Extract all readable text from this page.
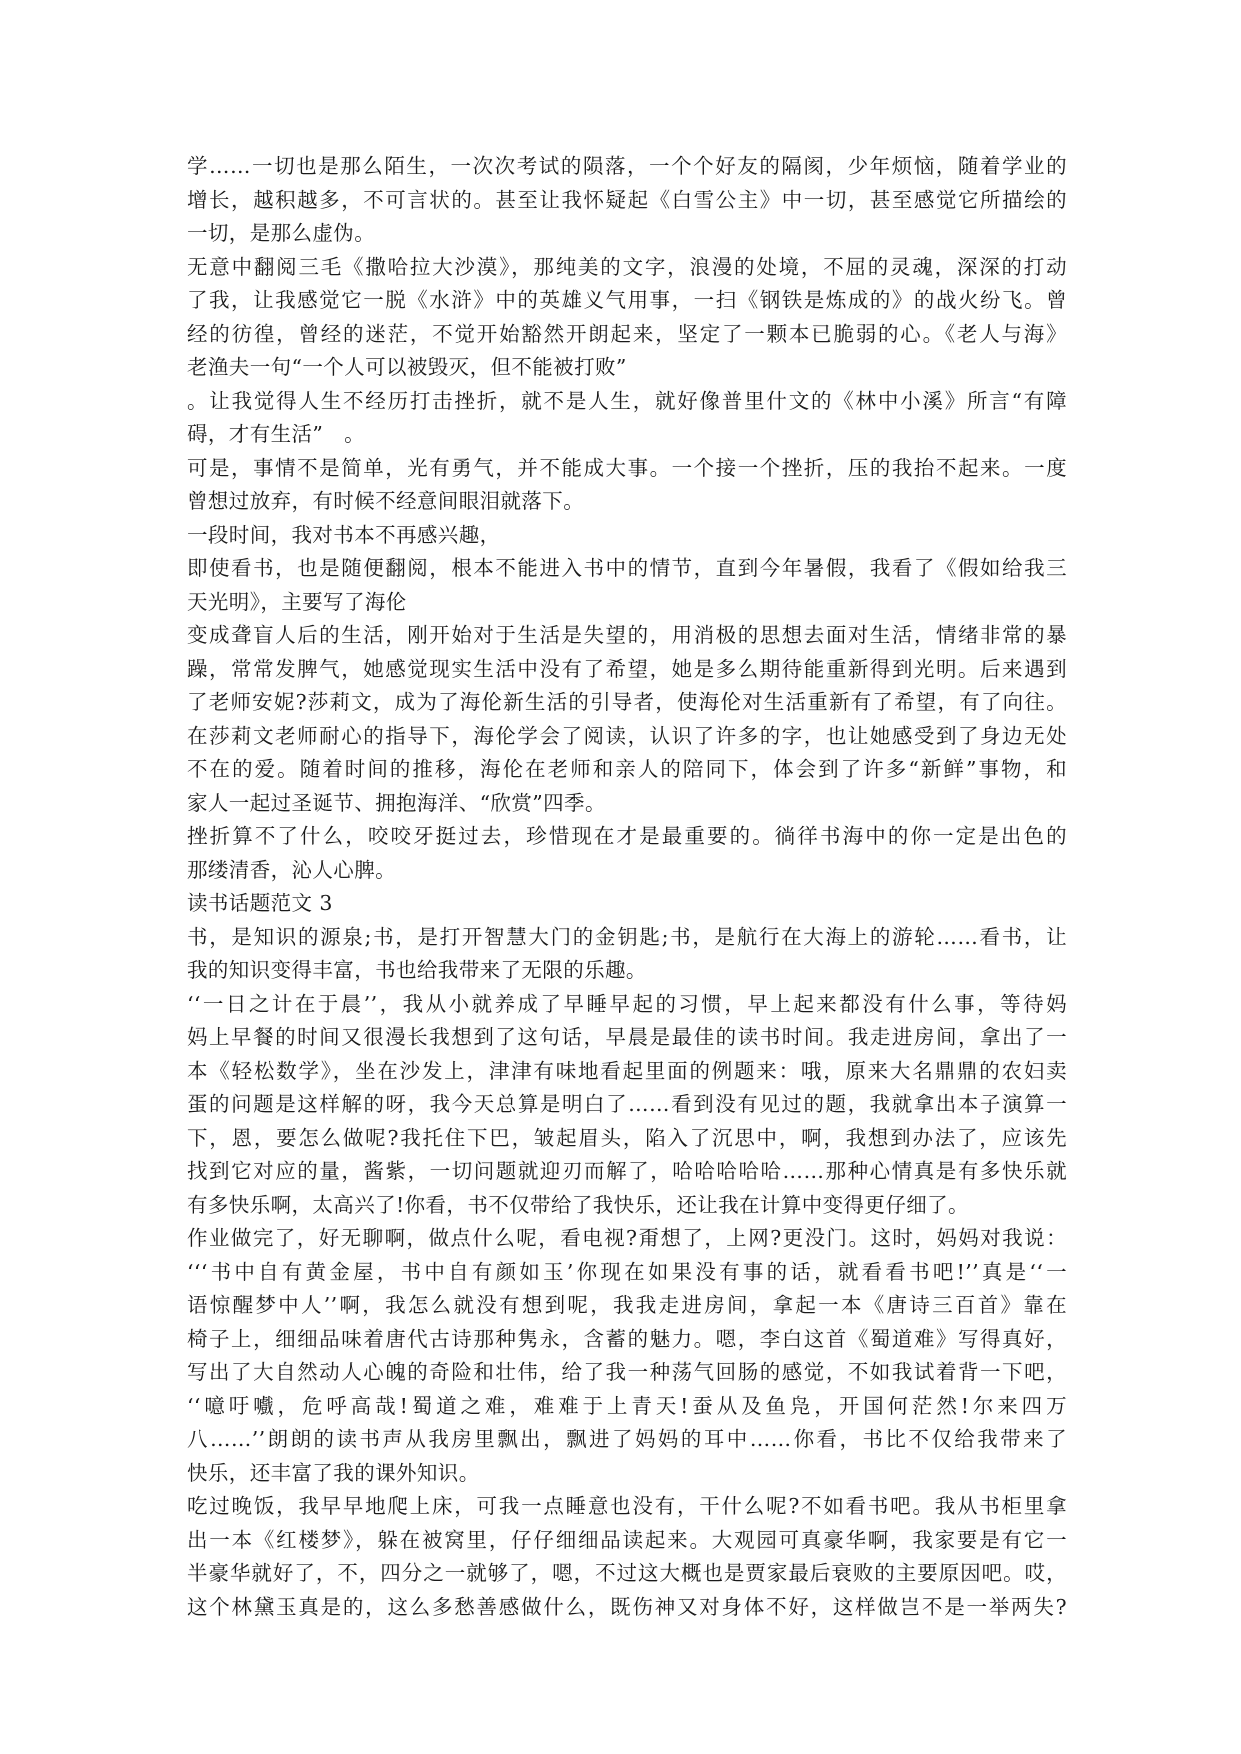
学……一切也是那么陌生，一次次考试的陨落，一个个好友的隔阂，少年烦恼，随着学业的
增长，越积越多，不可言状的。甚至让我怀疑起《白雪公主》中一切，甚至感觉它所描绘的
一切，是那么虚伪。
无意中翻阅三毛《撒哈拉大沙漠》，那纯美的文字，浪漫的处境，不屈的灵魂，深深的打动
了我，让我感觉它一脱《水浒》中的英雄义气用事，一扫《钢铁是炼成的》的战火纷飞。曾
经的彷徨，曾经的迷茫，不觉开始豁然开朗起来，坚定了一颗本已脆弱的心。《老人与海》
老渔夫一句“一个人可以被毁灭，但不能被打败”
。让我觉得人生不经历打击挫折，就不是人生，就好像普里什文的《林中小溪》所言“有障
碍，才有生活”　。
可是，事情不是简单，光有勇气，并不能成大事。一个接一个挫折，压的我抬不起来。一度
曾想过放弃，有时候不经意间眼泪就落下。
一段时间，我对书本不再感兴趣，
即使看书，也是随便翻阅，根本不能进入书中的情节，直到今年暑假，我看了《假如给我三
天光明》，主要写了海伦
变成聋盲人后的生活，刚开始对于生活是失望的，用消极的思想去面对生活，情绪非常的暴
躁，常常发脾气，她感觉现实生活中没有了希望，她是多么期待能重新得到光明。后来遇到
了老师安妮?莎莉文，成为了海伦新生活的引导者，使海伦对生活重新有了希望，有了向往。
在莎莉文老师耐心的指导下，海伦学会了阅读，认识了许多的字，也让她感受到了身边无处
不在的爱。随着时间的推移，海伦在老师和亲人的陪同下，体会到了许多“新鲜”事物，和
家人一起过圣诞节、拥抱海洋、“欣赏”四季。
挫折算不了什么，咬咬牙挺过去，珍惜现在才是最重要的。徜徉书海中的你一定是出色的
那缕清香，沁人心脾。
读书话题范文 3
书，是知识的源泉;书，是打开智慧大门的金钥匙;书，是航行在大海上的游轮……看书，让
我的知识变得丰富，书也给我带来了无限的乐趣。
‘‘一日之计在于晨’’，我从小就养成了早睡早起的习惯，早上起来都没有什么事，等待妈
妈上早餐的时间又很漫长我想到了这句话，早晨是最佳的读书时间。我走进房间，拿出了一
本《轻松数学》，坐在沙发上，津津有味地看起里面的例题来：哦，原来大名鼎鼎的农妇卖
蛋的问题是这样解的呀，我今天总算是明白了……看到没有见过的题，我就拿出本子演算一
下，恩，要怎么做呢?我托住下巴，皱起眉头，陷入了沉思中，啊，我想到办法了，应该先
找到它对应的量，酱紫，一切问题就迎刃而解了，哈哈哈哈哈……那种心情真是有多快乐就
有多快乐啊，太高兴了!你看，书不仅带给了我快乐，还让我在计算中变得更仔细了。
作业做完了，好无聊啊，做点什么呢，看电视?甭想了，上网?更没门。这时，妈妈对我说：
‘‘‘书中自有黄金屋，书中自有颜如玉’你现在如果没有事的话，就看看书吧!’’真是‘‘一
语惊醒梦中人’’啊，我怎么就没有想到呢，我我走进房间，拿起一本《唐诗三百首》靠在
椅子上，细细品味着唐代古诗那种隽永，含蓄的魅力。嗯，李白这首《蜀道难》写得真好，
写出了大自然动人心魄的奇险和壮伟，给了我一种荡气回肠的感觉，不如我试着背一下吧，
‘‘噫吁嚱，危呼高哉!蜀道之难，难难于上青天!蚕从及鱼凫，开国何茫然!尔来四万
八……’’朗朗的读书声从我房里飘出，飘进了妈妈的耳中……你看，书比不仅给我带来了
快乐，还丰富了我的课外知识。
吃过晚饭，我早早地爬上床，可我一点睡意也没有，干什么呢?不如看书吧。我从书柜里拿
出一本《红楼梦》，躲在被窝里，仔仔细细品读起来。大观园可真豪华啊，我家要是有它一
半豪华就好了，不，四分之一就够了，嗯，不过这大概也是贾家最后衰败的主要原因吧。哎，
这个林黛玉真是的，这么多愁善感做什么，既伤神又对身体不好，这样做岂不是一举两失?
